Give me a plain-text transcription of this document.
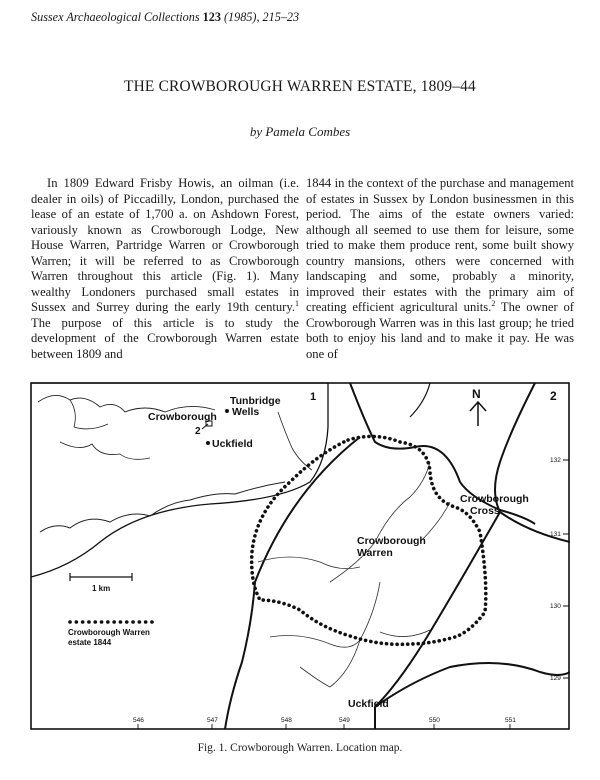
Sussex Archaeological Collections 123 (1985), 215–23
THE CROWBOROUGH WARREN ESTATE, 1809–44
by Pamela Combes

In 1809 Edward Frisby Howis, an oilman (i.e. dealer in oils) of Piccadilly, London, purchased the lease of an estate of 1,700 a. on Ashdown Forest, variously known as Crowborough Lodge, New House Warren, Partridge Warren or Crowborough Warren; it will be referred to as Crowborough Warren throughout this article (Fig. 1). Many wealthy Londoners purchased small estates in Sussex and Surrey during the early 19th century.$^1$ The purpose of this article is to study the development of the Crowborough Warren estate between 1809 and

1844 in the context of the purchase and management of estates in Sussex by London businessmen in this period. The aims of the estate owners varied: although all seemed to use them for leisure, some tried to make them produce rent, some built showy country mansions, others were concerned with landscaping and some, probably a minority, improved their estates with the primary aim of creating efficient agricultural units.$^2$ The owner of Crowborough Warren was in this last group; he tried both to enjoy his land and to make it pay. He was one of

Tunbridge
Wells
Crowborough
2
Uckfield
1	2
N
Crowborough
Cross
Crowborough
Warren
Uckfield
546	547	548	549	550	551
132
131
130
129
1 km
Crowborough Warren
estate 1844
Fig. 1. Crowborough Warren. Location map.
